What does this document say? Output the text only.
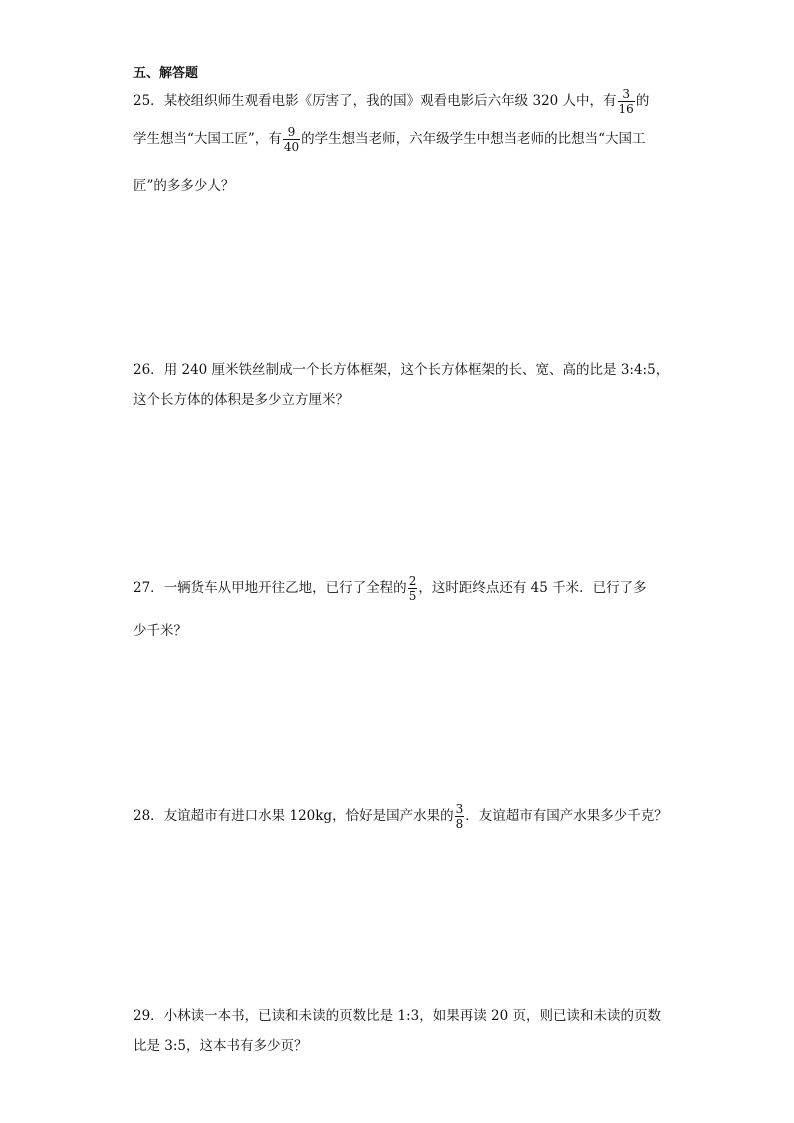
五、解答题
25．某校组织师生观看电影《厉害了，我的国》观看电影后六年级 320 人中，有 $\frac{3}{16}$ 的
学生想当“大国工匠”，有 $\frac{9}{40}$ 的学生想当老师，六年级学生中想当老师的比想当“大国工
匠”的多多少人？
26．用 240 厘米铁丝制成一个长方体框架，这个长方体框架的长、宽、高的比是 3:4:5，
这个长方体的体积是多少立方厘米？
27．一辆货车从甲地开往乙地，已行了全程的 $\frac{2}{5}$ ，这时距终点还有 45 千米．已行了多
少千米？
28．友谊超市有进口水果 120kg，恰好是国产水果的 $\frac{3}{8}$ ．友谊超市有国产水果多少千克？
29．小林读一本书，已读和未读的页数比是 1:3，如果再读 20 页，则已读和未读的页数
比是 3:5，这本书有多少页？
